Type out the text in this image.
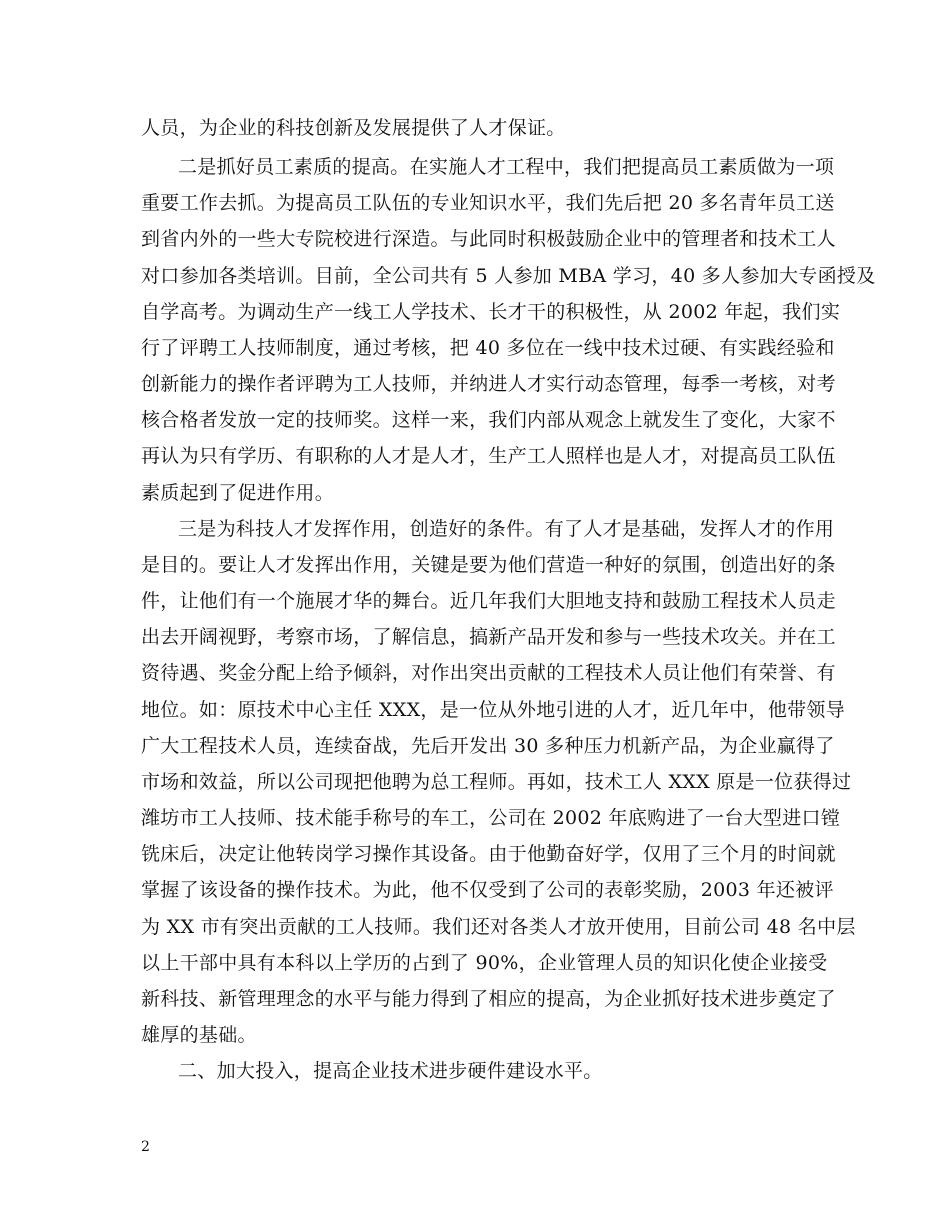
人员，为企业的科技创新及发展提供了人才保证。
二是抓好员工素质的提高。在实施人才工程中，我们把提高员工素质做为一项
重要工作去抓。为提高员工队伍的专业知识水平，我们先后把 20 多名青年员工送
到省内外的一些大专院校进行深造。与此同时积极鼓励企业中的管理者和技术工人
对口参加各类培训。目前，全公司共有 5 人参加 MBA 学习，40 多人参加大专函授及
自学高考。为调动生产一线工人学技术、长才干的积极性，从 2002 年起，我们实
行了评聘工人技师制度，通过考核，把 40 多位在一线中技术过硬、有实践经验和
创新能力的操作者评聘为工人技师，并纳进人才实行动态管理，每季一考核，对考
核合格者发放一定的技师奖。这样一来，我们内部从观念上就发生了变化，大家不
再认为只有学历、有职称的人才是人才，生产工人照样也是人才，对提高员工队伍
素质起到了促进作用。
三是为科技人才发挥作用，创造好的条件。有了人才是基础，发挥人才的作用
是目的。要让人才发挥出作用，关键是要为他们营造一种好的氛围，创造出好的条
件，让他们有一个施展才华的舞台。近几年我们大胆地支持和鼓励工程技术人员走
出去开阔视野，考察市场，了解信息，搞新产品开发和参与一些技术攻关。并在工
资待遇、奖金分配上给予倾斜，对作出突出贡献的工程技术人员让他们有荣誉、有
地位。如：原技术中心主任 XXX，是一位从外地引进的人才，近几年中，他带领导
广大工程技术人员，连续奋战，先后开发出 30 多种压力机新产品，为企业赢得了
市场和效益，所以公司现把他聘为总工程师。再如，技术工人 XXX 原是一位获得过
潍坊市工人技师、技术能手称号的车工，公司在 2002 年底购进了一台大型进口镗
铣床后，决定让他转岗学习操作其设备。由于他勤奋好学，仅用了三个月的时间就
掌握了该设备的操作技术。为此，他不仅受到了公司的表彰奖励，2003 年还被评
为 XX 市有突出贡献的工人技师。我们还对各类人才放开使用，目前公司 48 名中层
以上干部中具有本科以上学历的占到了 90%，企业管理人员的知识化使企业接受
新科技、新管理理念的水平与能力得到了相应的提高，为企业抓好技术进步奠定了
雄厚的基础。
二、加大投入，提高企业技术进步硬件建设水平。
2
